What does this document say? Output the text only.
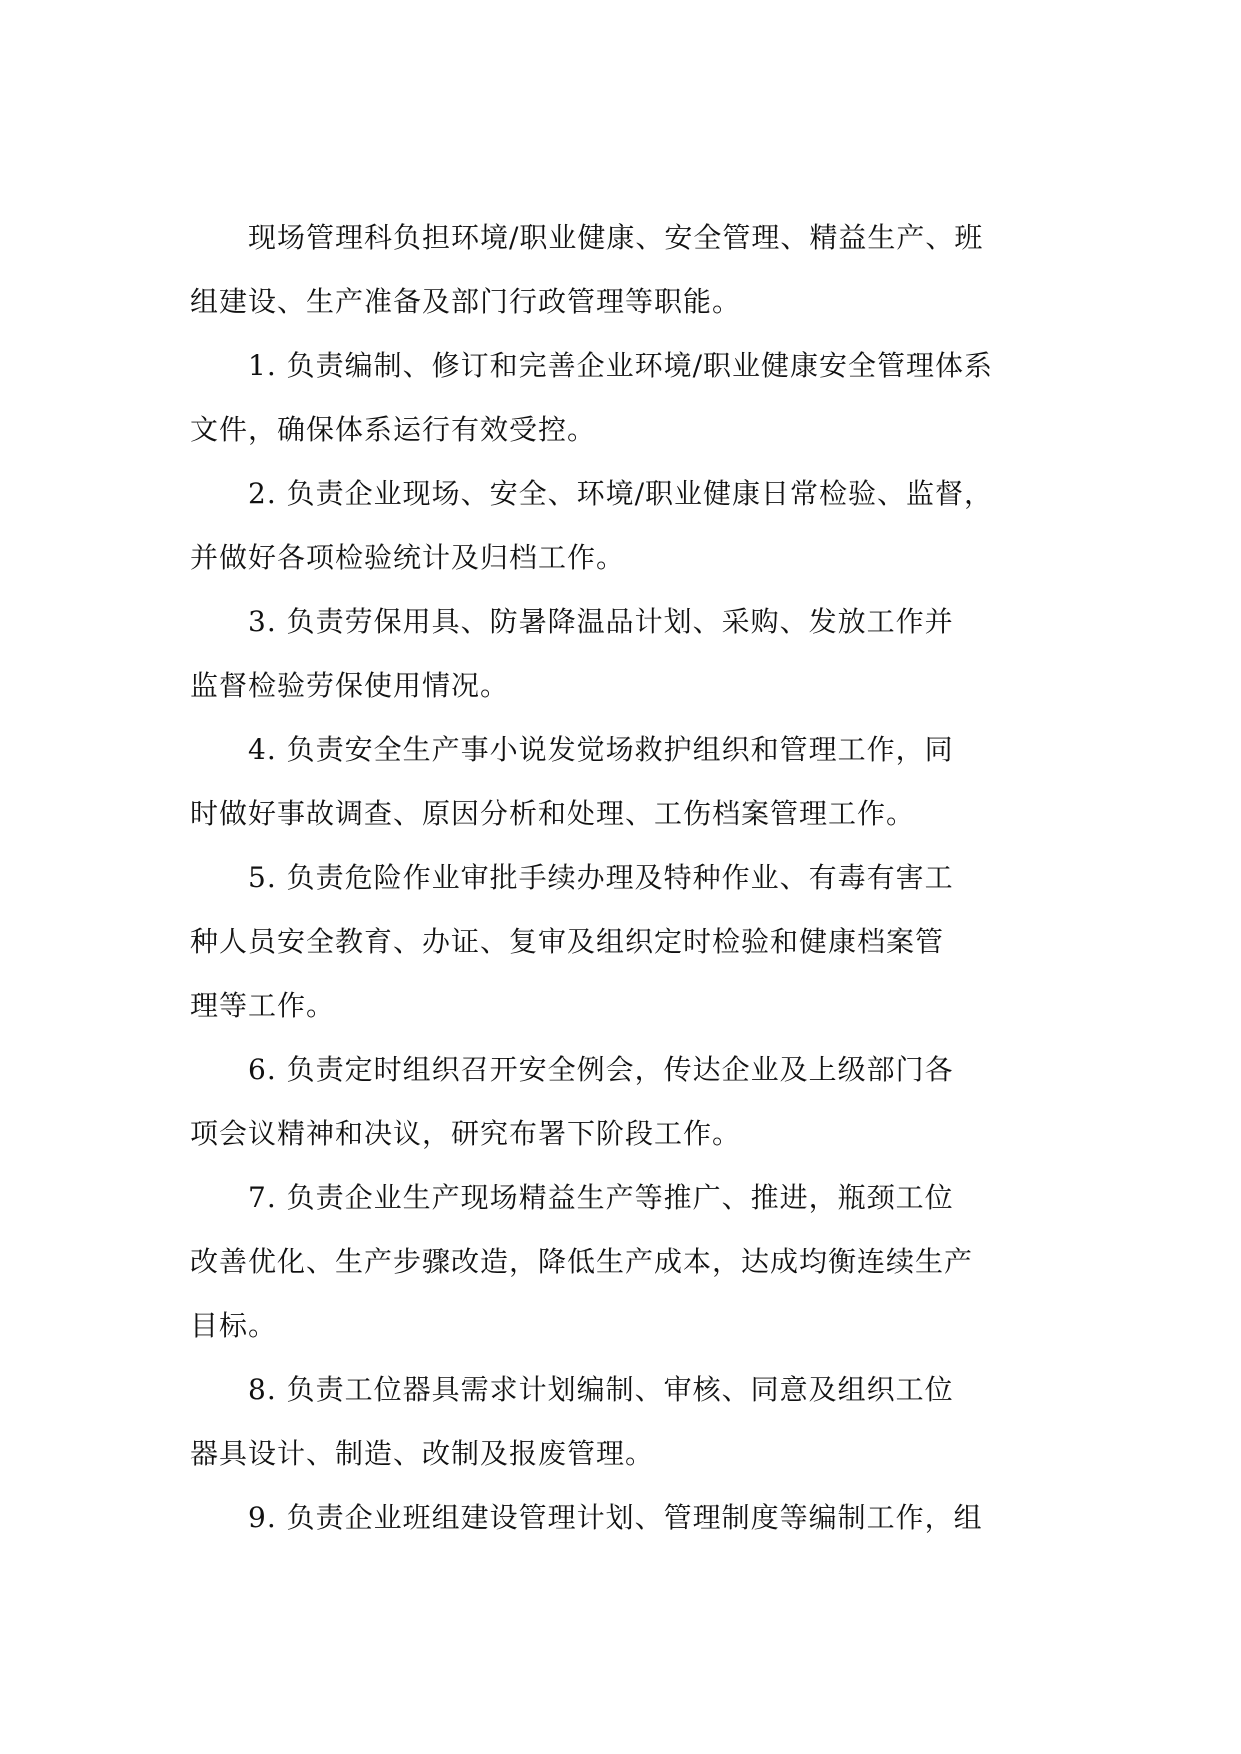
现场管理科负担环境/职业健康、安全管理、精益生产、班
组建设、生产准备及部门行政管理等职能。
1. 负责编制、修订和完善企业环境/职业健康安全管理体系
文件，确保体系运行有效受控。
2. 负责企业现场、安全、环境/职业健康日常检验、监督，
并做好各项检验统计及归档工作。
3. 负责劳保用具、防暑降温品计划、采购、发放工作并
监督检验劳保使用情况。
4. 负责安全生产事小说发觉场救护组织和管理工作，同
时做好事故调查、原因分析和处理、工伤档案管理工作。
5. 负责危险作业审批手续办理及特种作业、有毒有害工
种人员安全教育、办证、复审及组织定时检验和健康档案管
理等工作。
6. 负责定时组织召开安全例会，传达企业及上级部门各
项会议精神和决议，研究布署下阶段工作。
7. 负责企业生产现场精益生产等推广、推进，瓶颈工位
改善优化、生产步骤改造，降低生产成本，达成均衡连续生产
目标。
8. 负责工位器具需求计划编制、审核、同意及组织工位
器具设计、制造、改制及报废管理。
9. 负责企业班组建设管理计划、管理制度等编制工作，组
